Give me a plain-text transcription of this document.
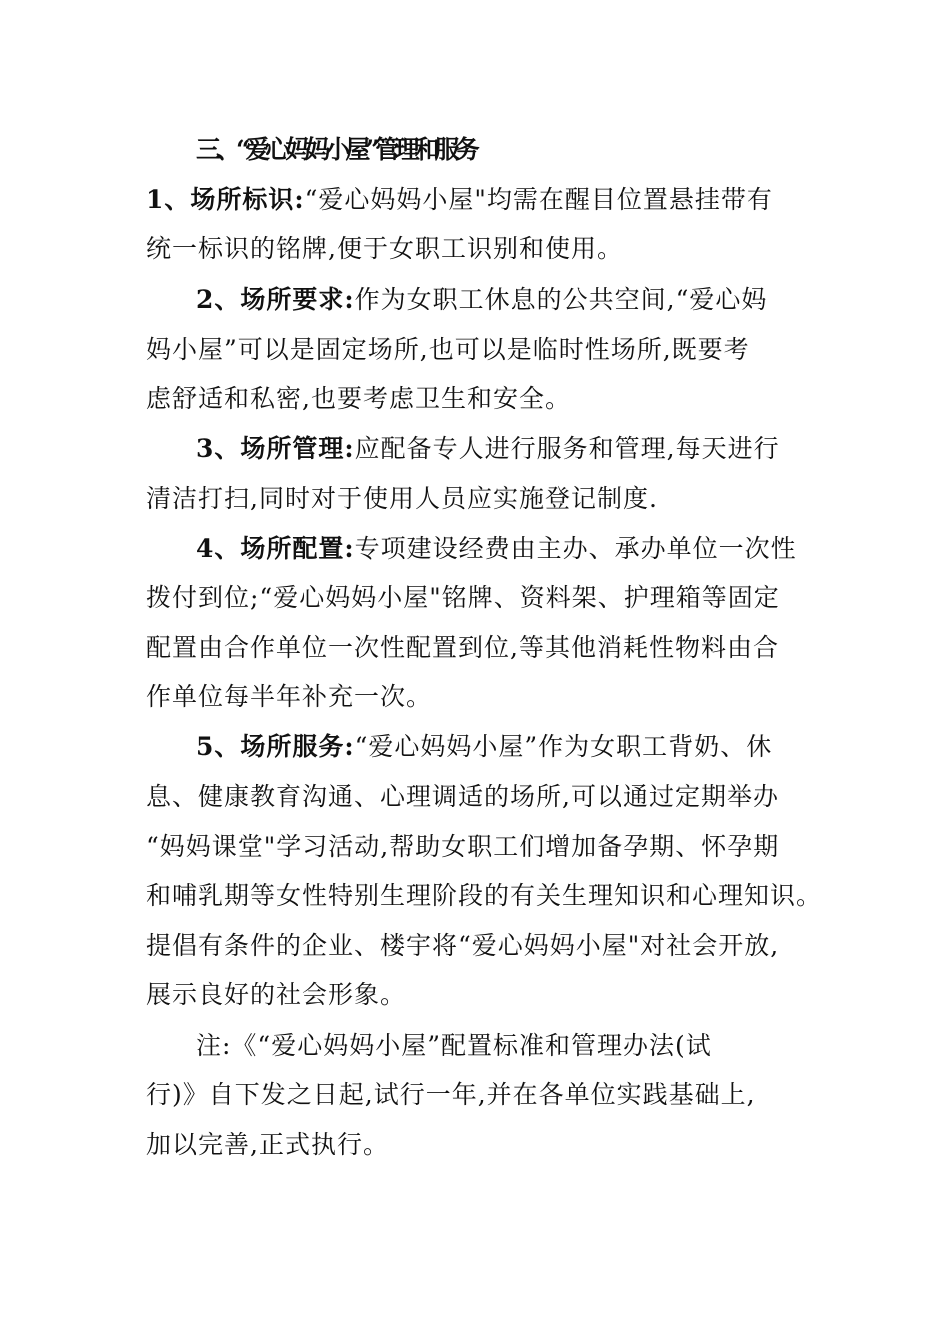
三、“爱心妈妈小屋”管理和服务
1、场所标识:“爱心妈妈小屋"均需在醒目位置悬挂带有
统一标识的铭牌,便于女职工识别和使用。
2、场所要求:作为女职工休息的公共空间,“爱心妈
妈小屋”可以是固定场所,也可以是临时性场所,既要考
虑舒适和私密,也要考虑卫生和安全。
3、场所管理:应配备专人进行服务和管理,每天进行
清洁打扫,同时对于使用人员应实施登记制度.
4、场所配置:专项建设经费由主办、承办单位一次性
拨付到位;“爱心妈妈小屋"铭牌、资料架、护理箱等固定
配置由合作单位一次性配置到位,等其他消耗性物料由合
作单位每半年补充一次。
5、场所服务:“爱心妈妈小屋”作为女职工背奶、休
息、健康教育沟通、心理调适的场所,可以通过定期举办
“妈妈课堂"学习活动,帮助女职工们增加备孕期、怀孕期
和哺乳期等女性特别生理阶段的有关生理知识和心理知识。
提倡有条件的企业、楼宇将“爱心妈妈小屋"对社会开放,
展示良好的社会形象。
注:《“爱心妈妈小屋”配置标准和管理办法(试
行)》自下发之日起,试行一年,并在各单位实践基础上,
加以完善,正式执行。
